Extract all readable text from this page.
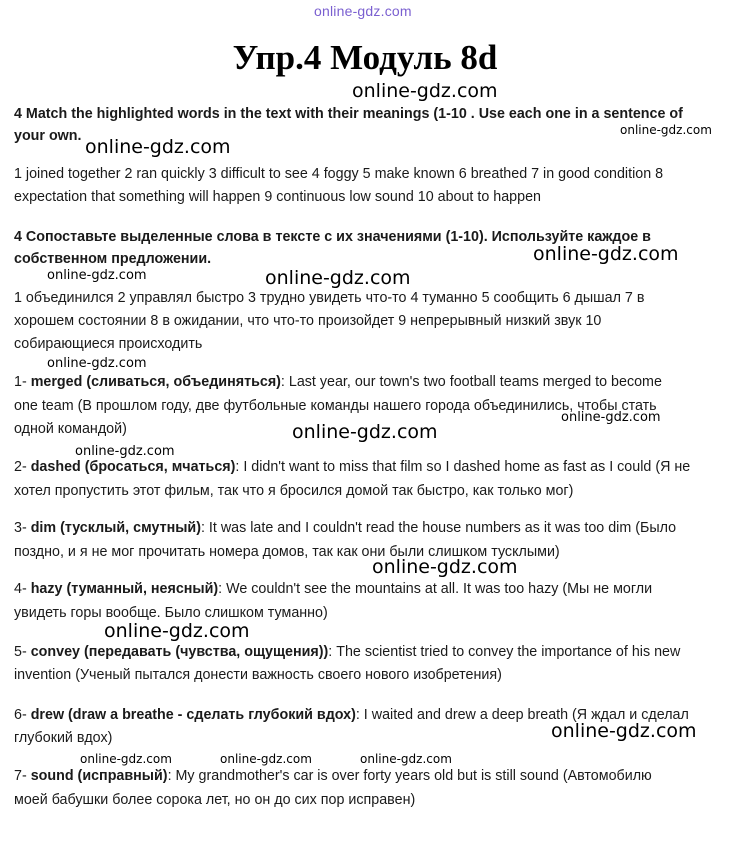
online-gdz.com
Упр.4 Модуль 8d
online-gdz.com
online-gdz.com
online-gdz.com
online-gdz.com
online-gdz.com	online-gdz.com
online-gdz.com
online-gdz.com
online-gdz.com
online-gdz.com
online-gdz.com
online-gdz.com
online-gdz.com
online-gdz.com	online-gdz.com	online-gdz.com
4 Match the highlighted words in the text with their meanings (1-10 . Use each one in a sentence of
your own.
1 joined together 2 ran quickly 3 difficult to see 4 foggy 5 make known 6 breathed 7 in good condition 8
expectation that something will happen 9 continuous low sound 10 about to happen
4 Сопоставьте выделенные слова в тексте с их значениями (1-10). Используйте каждое в
собственном предложении.
1 объединился 2 управлял быстро 3 трудно увидеть что-то 4 туманно 5 сообщить 6 дышал 7 в
хорошем состоянии 8 в ожидании, что что-то произойдет 9 непрерывный низкий звук 10
собирающиеся происходить
1- merged (сливаться, объединяться): Last year, our town's two football teams merged to become
one team (В прошлом году, две футбольные команды нашего города объединились, чтобы стать
одной командой)
2- dashed (бросаться, мчаться): I didn't want to miss that film so I dashed home as fast as I could (Я не
хотел пропустить этот фильм, так что я бросился домой так быстро, как только мог)
3- dim (тусклый, смутный): It was late and I couldn't read the house numbers as it was too dim (Было
поздно, и я не мог прочитать номера домов, так как они были слишком тусклыми)
4- hazy (туманный, неясный): We couldn't see the mountains at all. It was too hazy (Мы не могли
увидеть горы вообще. Было слишком туманно)
5- convey (передавать (чувства, ощущения)): The scientist tried to convey the importance of his new
invention (Ученый пытался донести важность своего нового изобретения)
6- drew (draw a breathe - сделать глубокий вдох): I waited and drew a deep breath (Я ждал и сделал
глубокий вдох)
7- sound (исправный): My grandmother's car is over forty years old but is still sound (Автомобилю
моей бабушки более сорока лет, но он до сих пор исправен)
